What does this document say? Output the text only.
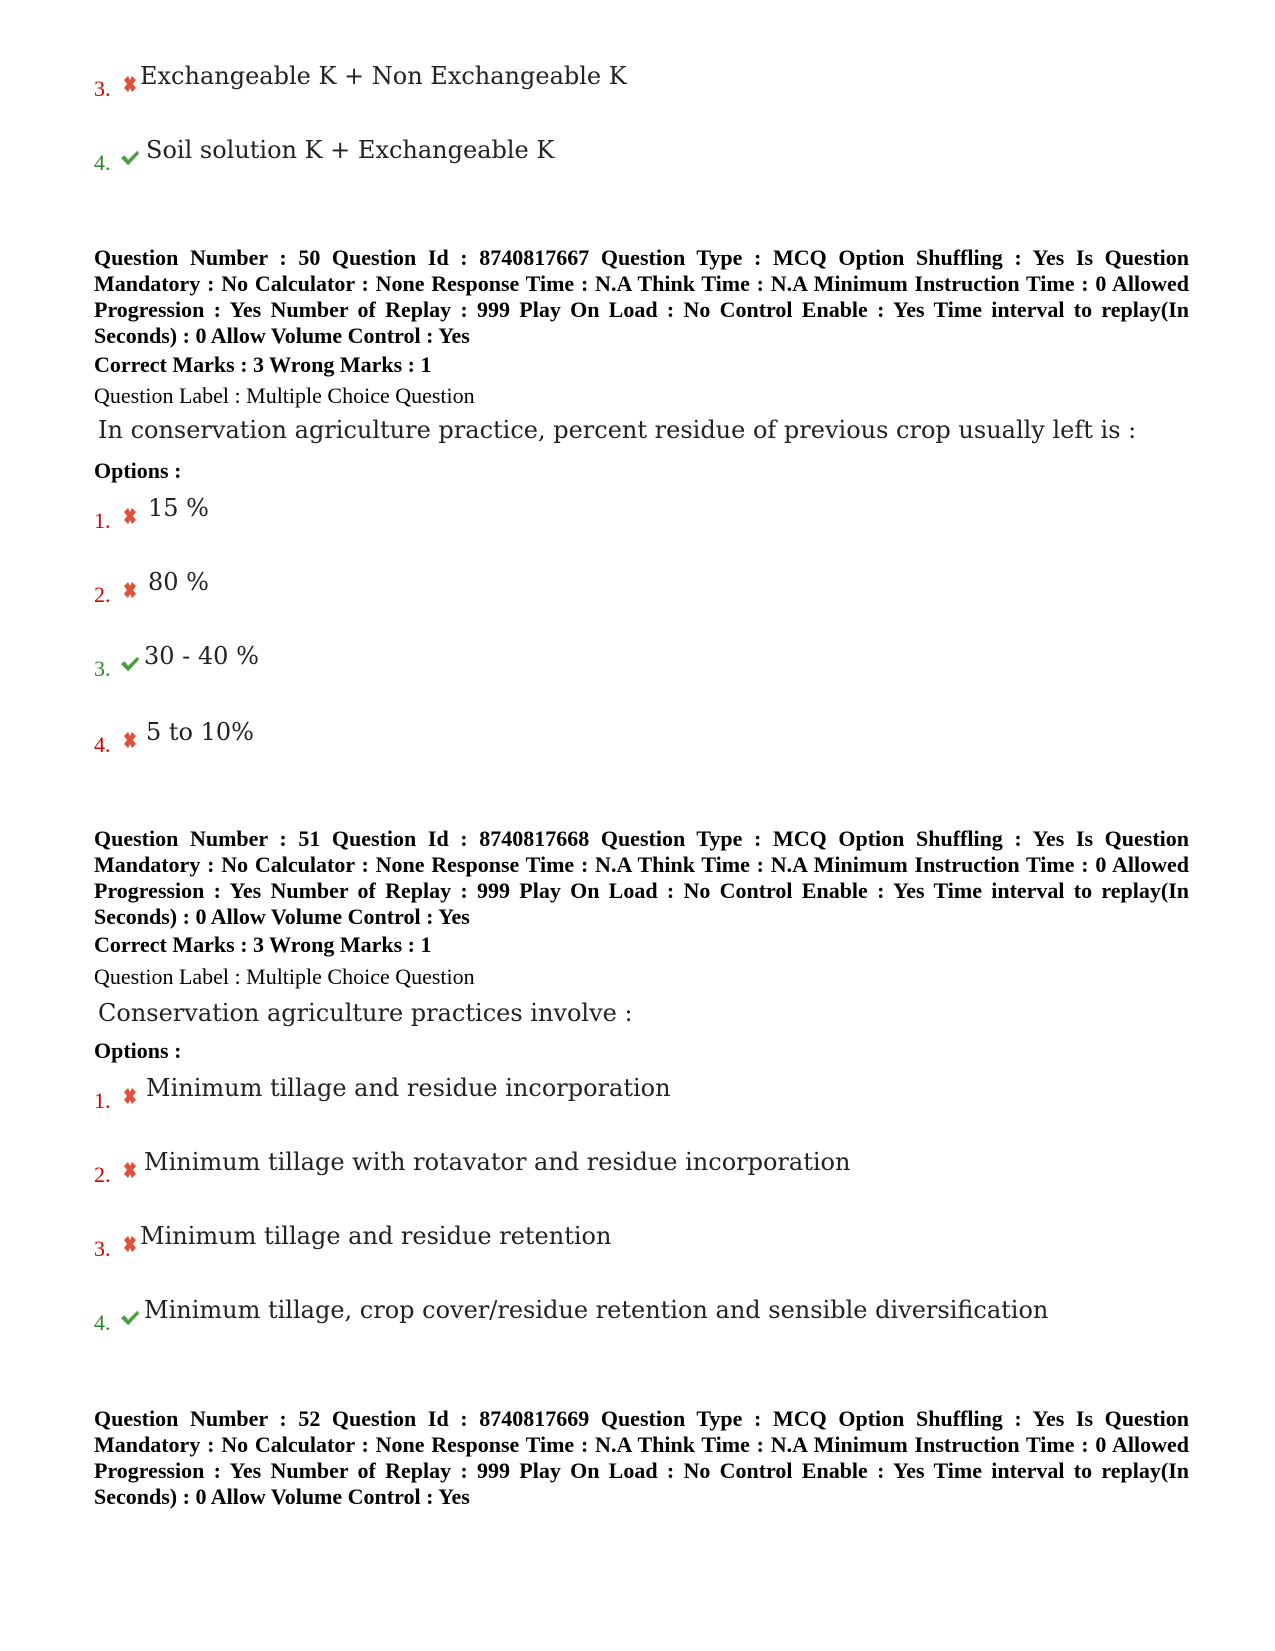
3. Exchangeable K + Non Exchangeable K
4. Soil solution K + Exchangeable K
Question Number : 50 Question Id : 8740817667 Question Type : MCQ Option Shuffling : Yes Is Question Mandatory : No Calculator : None Response Time : N.A Think Time : N.A Minimum Instruction Time : 0 Allowed Progression : Yes Number of Replay : 999 Play On Load : No Control Enable : Yes Time interval to replay(In Seconds) : 0 Allow Volume Control : Yes
Correct Marks : 3 Wrong Marks : 1
Question Label : Multiple Choice Question
In conservation agriculture practice, percent residue of previous crop usually left is :
Options :
1. 15 %
2. 80 %
3. 30 - 40 %
4. 5 to 10%
Question Number : 51 Question Id : 8740817668 Question Type : MCQ Option Shuffling : Yes Is Question Mandatory : No Calculator : None Response Time : N.A Think Time : N.A Minimum Instruction Time : 0 Allowed Progression : Yes Number of Replay : 999 Play On Load : No Control Enable : Yes Time interval to replay(In Seconds) : 0 Allow Volume Control : Yes
Correct Marks : 3 Wrong Marks : 1
Question Label : Multiple Choice Question
Conservation agriculture practices involve :
Options :
1. Minimum tillage and residue incorporation
2. Minimum tillage with rotavator and residue incorporation
3. Minimum tillage and residue retention
4. Minimum tillage, crop cover/residue retention and sensible diversification
Question Number : 52 Question Id : 8740817669 Question Type : MCQ Option Shuffling : Yes Is Question Mandatory : No Calculator : None Response Time : N.A Think Time : N.A Minimum Instruction Time : 0 Allowed Progression : Yes Number of Replay : 999 Play On Load : No Control Enable : Yes Time interval to replay(In Seconds) : 0 Allow Volume Control : Yes
